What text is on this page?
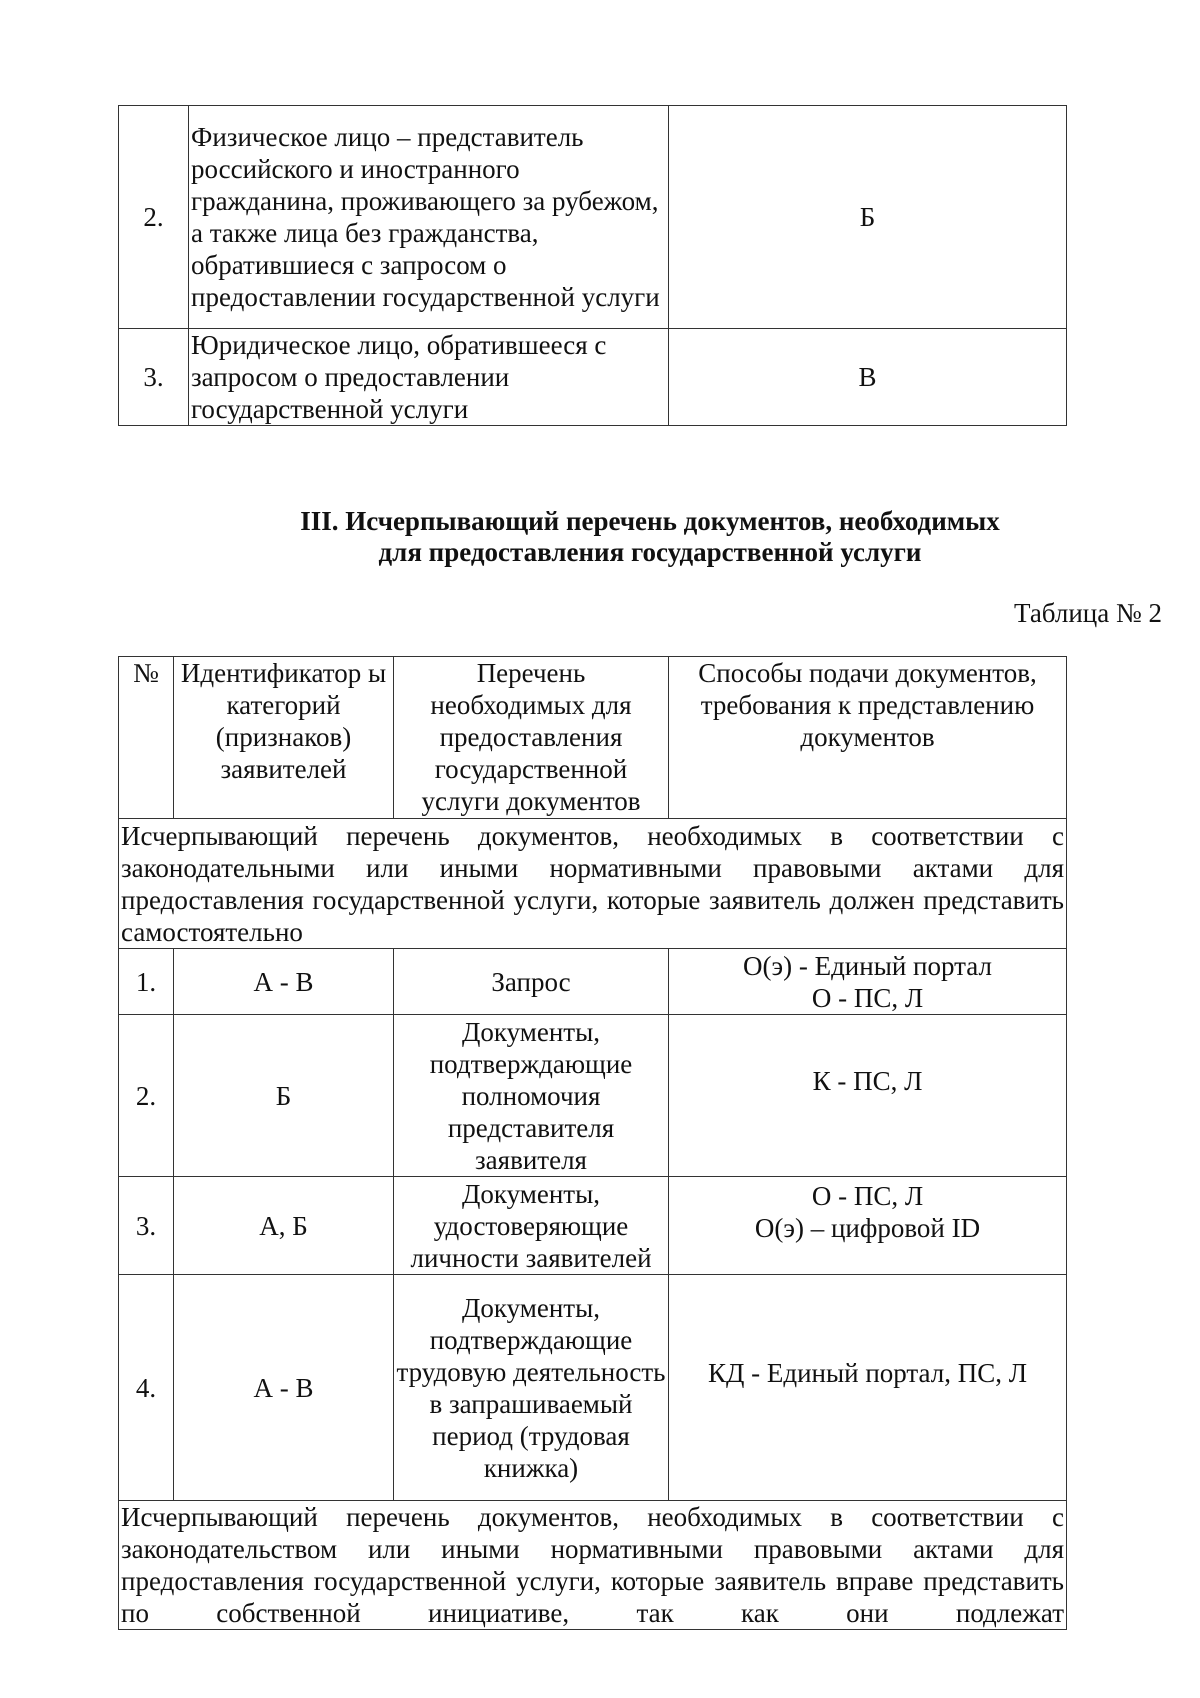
2.	Физическое лицо – представитель российского и иностранного гражданина, проживающего за рубежом, а также лица без гражданства, обратившиеся с запросом о предоставлении государственной услуги	Б
3.	Юридическое лицо, обратившееся с запросом о предоставлении государственной услуги	В
III. Исчерпывающий перечень документов, необходимых
для предоставления государственной услуги
Таблица № 2
№	Идентификатор ы категорий (признаков) заявителей	Перечень необходимых для предоставления государственной услуги документов	Способы подачи документов, требования к представлению документов
Исчерпывающий перечень документов, необходимых в соответствии с законодательными или иными нормативными правовыми актами для предоставления государственной услуги, которые заявитель должен представить самостоятельно			
1.	А - В	Запрос	О(э) - Единый портал
О - ПС, Л

2.	Б	Документы, подтверждающие полномочия представителя заявителя	К - ПС, Л

3.	А, Б	Документы, удостоверяющие личности заявителей	О - ПС, Л
О(э) – цифровой ID

4.	А - В	Документы, подтверждающие трудовую деятельность в запрашиваемый период (трудовая книжка)	КД - Единый портал, ПС, Л

Исчерпывающий перечень документов, необходимых в соответствии с законодательством или иными нормативными правовыми актами для предоставления государственной услуги, которые заявитель вправе представить по собственной инициативе, так как они подлежат			
